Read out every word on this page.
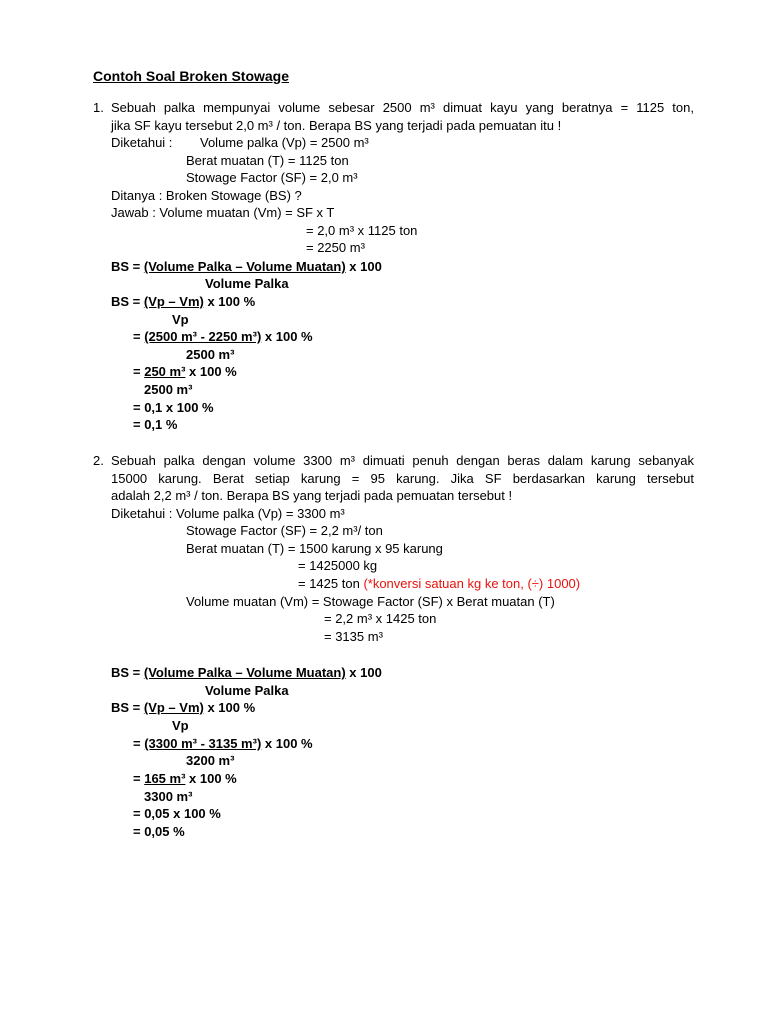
Contoh Soal Broken Stowage
1. Sebuah palka mempunyai volume sebesar 2500 m³ dimuat kayu yang beratnya = 1125 ton,
jika SF kayu tersebut 2,0 m³ / ton. Berapa BS yang terjadi pada pemuatan itu !
Diketahui : Volume palka (Vp) = 2500 m³
Berat muatan (T) = 1125 ton
Stowage Factor (SF) = 2,0 m³
Ditanya : Broken Stowage (BS) ?
Jawab : Volume muatan (Vm) = SF x T
= 2,0 m³ x 1125 ton
= 2250 m³
BS = (Volume Palka – Volume Muatan) x 100
Volume Palka
BS = (Vp – Vm) x 100 %
Vp
= (2500 m³ - 2250 m³) x 100 %
2500 m³
= 250 m³ x 100 %
2500 m³
= 0,1 x 100 %
= 0,1 %
2. Sebuah palka dengan volume 3300 m³ dimuati penuh dengan beras dalam karung sebanyak
15000 karung. Berat setiap karung = 95 karung. Jika SF berdasarkan karung tersebut
adalah 2,2 m³ / ton. Berapa BS yang terjadi pada pemuatan tersebut !
Diketahui : Volume palka (Vp) = 3300 m³
Stowage Factor (SF) = 2,2 m³/ ton
Berat muatan (T) = 1500 karung x 95 karung
= 1425000 kg
= 1425 ton (*konversi satuan kg ke ton, (÷) 1000)
Volume muatan (Vm) = Stowage Factor (SF) x Berat muatan (T)
= 2,2 m³ x 1425 ton
= 3135 m³
BS = (Volume Palka – Volume Muatan) x 100
Volume Palka
BS = (Vp – Vm) x 100 %
Vp
= (3300 m³ - 3135 m³) x 100 %
3200 m³
= 165 m³ x 100 %
3300 m³
= 0,05 x 100 %
= 0,05 %
